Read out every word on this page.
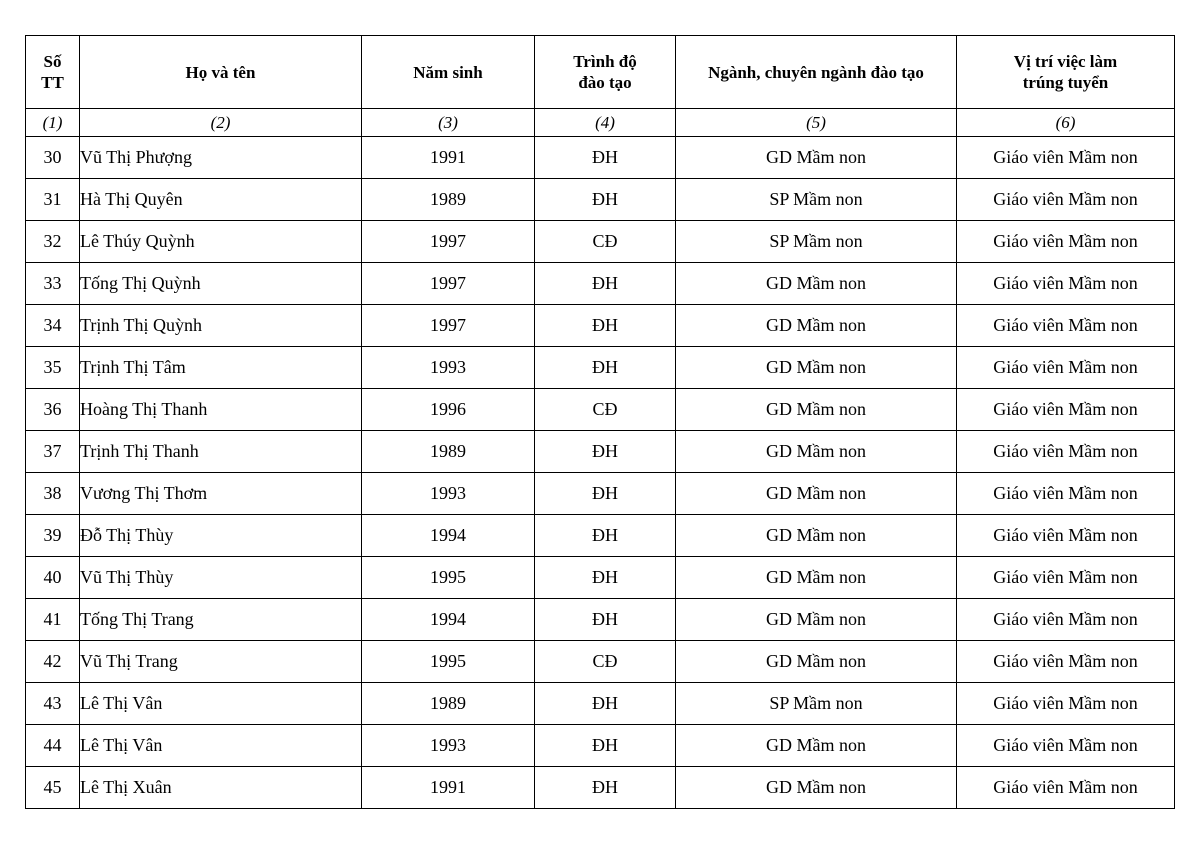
Số TT	Họ và tên	Năm sinh	Trình độ đào tạo	Ngành, chuyên ngành đào tạo	Vị trí việc làm trúng tuyển
(1)	(2)	(3)	(4)	(5)	(6)
30	Vũ Thị Phượng	1991	ĐH	GD Mầm non	Giáo viên Mầm non
31	Hà Thị Quyên	1989	ĐH	SP Mầm non	Giáo viên Mầm non
32	Lê Thúy Quỳnh	1997	CĐ	SP Mầm non	Giáo viên Mầm non
33	Tống Thị Quỳnh	1997	ĐH	GD Mầm non	Giáo viên Mầm non
34	Trịnh Thị Quỳnh	1997	ĐH	GD Mầm non	Giáo viên Mầm non
35	Trịnh Thị Tâm	1993	ĐH	GD Mầm non	Giáo viên Mầm non
36	Hoàng Thị Thanh	1996	CĐ	GD Mầm non	Giáo viên Mầm non
37	Trịnh Thị Thanh	1989	ĐH	GD Mầm non	Giáo viên Mầm non
38	Vương Thị Thơm	1993	ĐH	GD Mầm non	Giáo viên Mầm non
39	Đỗ Thị Thùy	1994	ĐH	GD Mầm non	Giáo viên Mầm non
40	Vũ Thị Thùy	1995	ĐH	GD Mầm non	Giáo viên Mầm non
41	Tống Thị Trang	1994	ĐH	GD Mầm non	Giáo viên Mầm non
42	Vũ Thị Trang	1995	CĐ	GD Mầm non	Giáo viên Mầm non
43	Lê Thị Vân	1989	ĐH	SP Mầm non	Giáo viên Mầm non
44	Lê Thị Vân	1993	ĐH	GD Mầm non	Giáo viên Mầm non
45	Lê Thị Xuân	1991	ĐH	GD Mầm non	Giáo viên Mầm non
